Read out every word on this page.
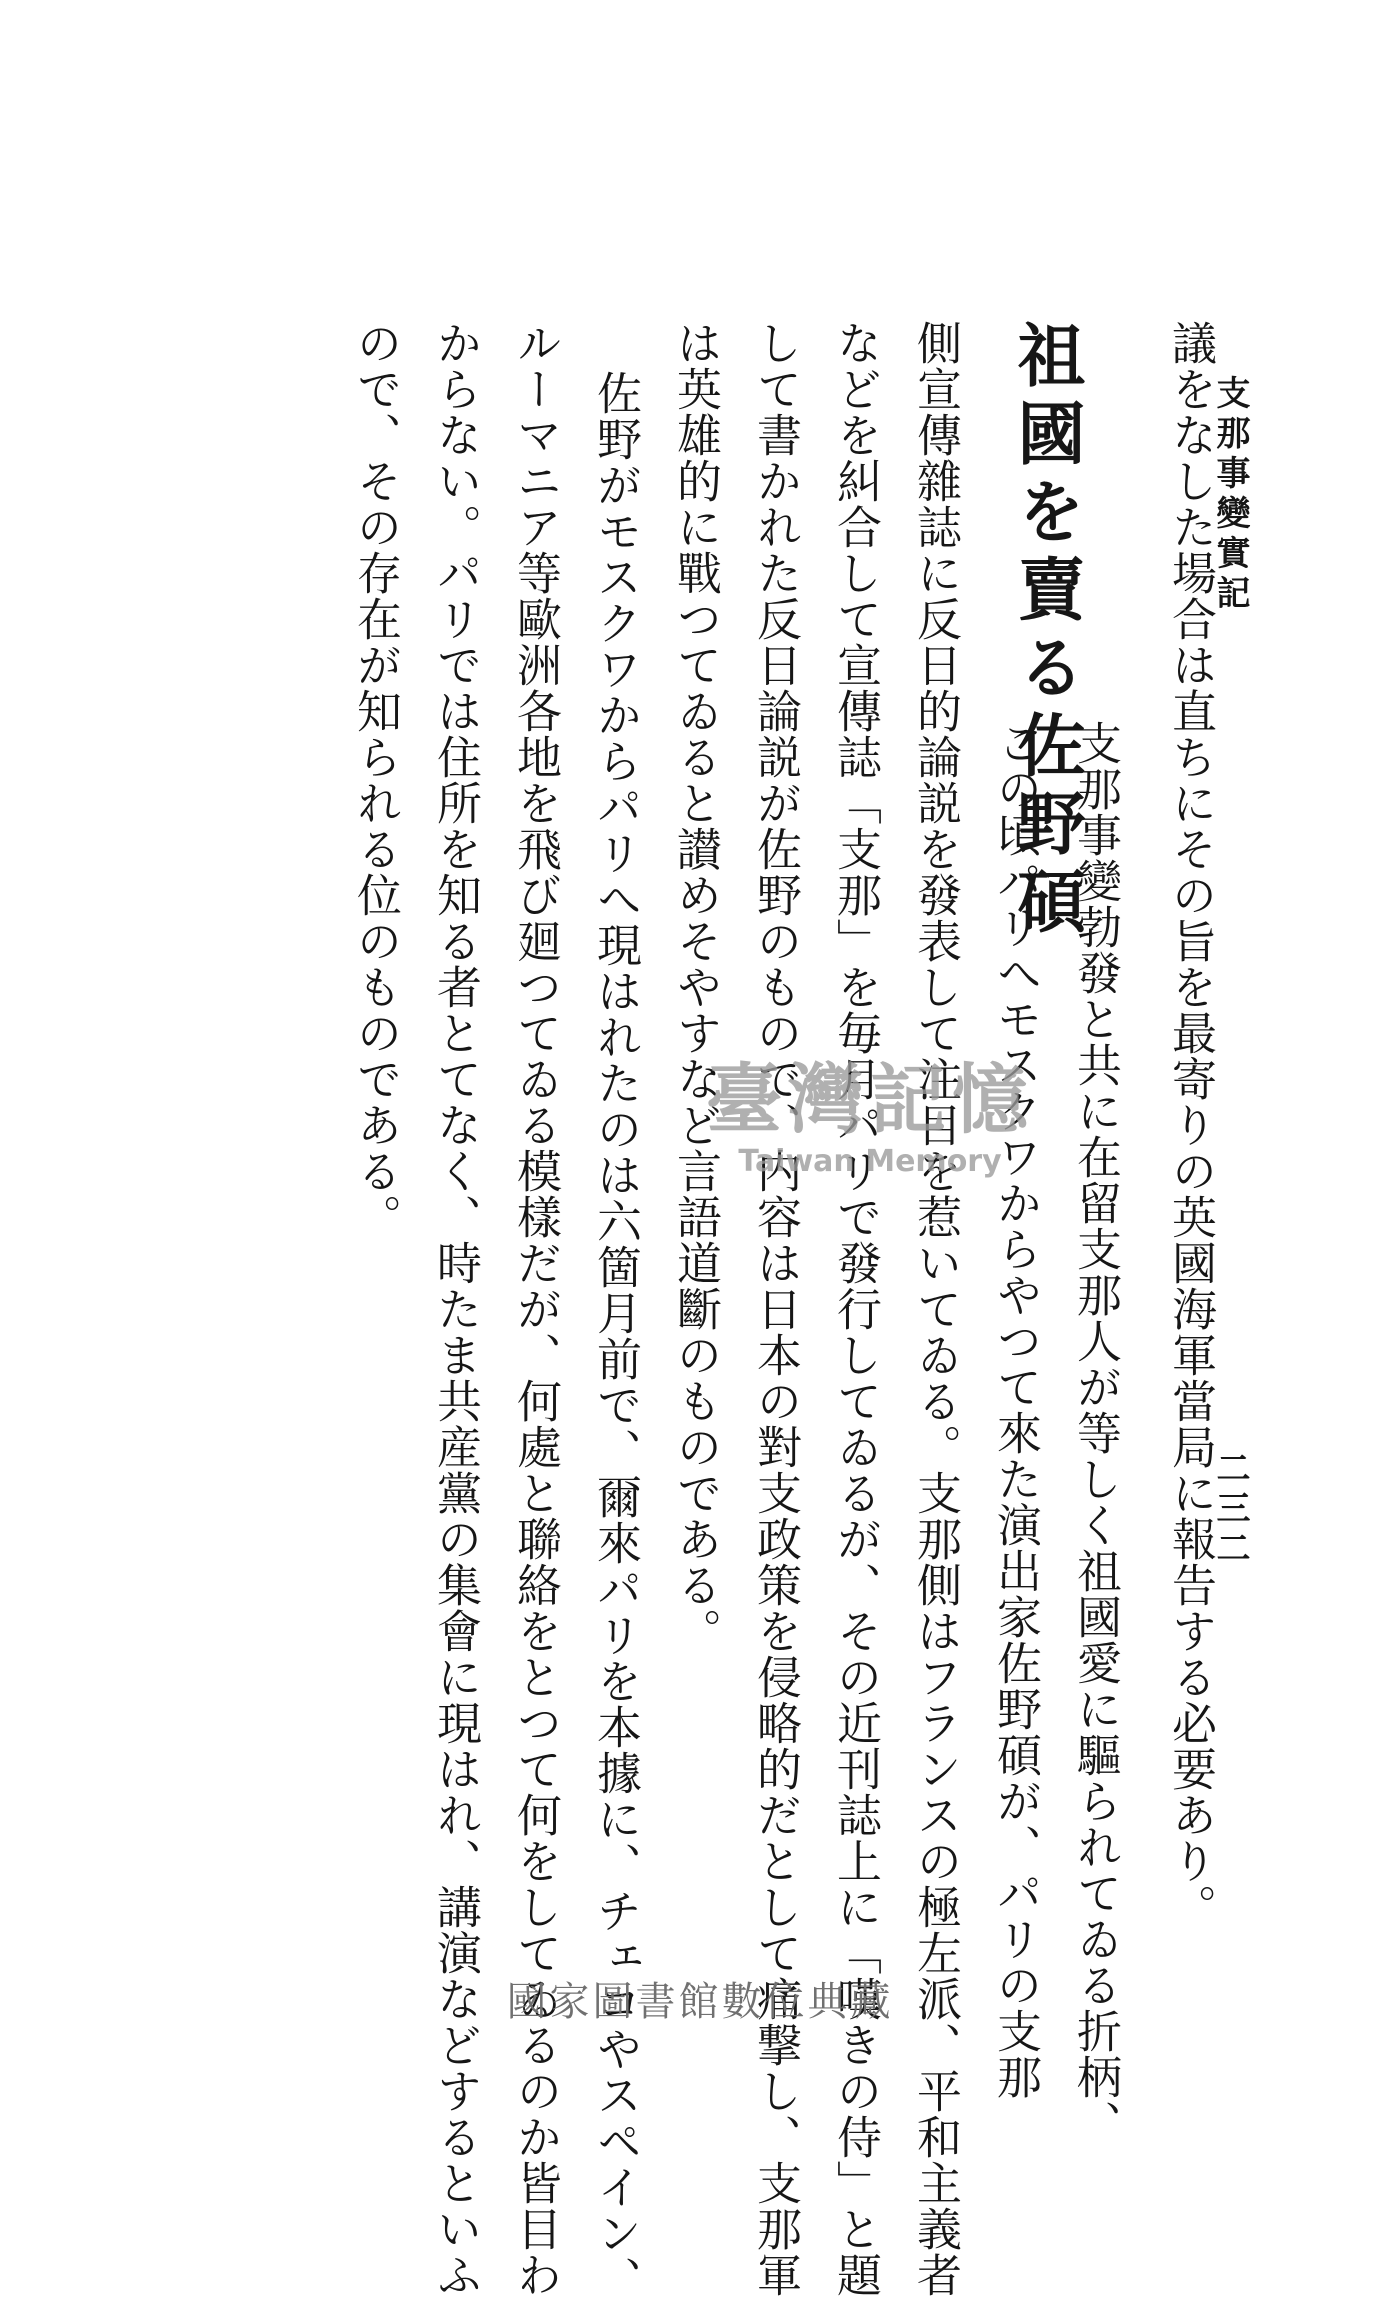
支那事變實記
二三二
議をなした場合は直ちにその旨を最寄りの英國海軍當局に報告する必要あり。
支那事變勃發と共に在留支那人が等しく祖國愛に驅られてゐる折柄、
祖國を賣る佐野碩
この頃パリへモスクワからやつて來た演出家佐野碩が、パリの支那
側宣傳雜誌に反日的論説を發表して注目を惹いてゐる。支那側はフランスの極左派、平和主義者
などを糾合して宣傳誌「支那」を毎月パリで發行してゐるが、その近刊誌上に「嘆きの侍」と題
して書かれた反日論説が佐野のもので、内容は日本の對支政策を侵略的だとして痛撃し、支那軍
は英雄的に戰つてゐると讃めそやすなど言語道斷のものである。
佐野がモスクワからパリへ現はれたのは六箇月前で、爾來パリを本據に、チェコやスペイン、
ルーマニア等歐洲各地を飛び廻つてゐる模樣だが、何處と聯絡をとつて何をしてゐるのか皆目わ
からない。パリでは住所を知る者とてなく、時たま共産黨の集會に現はれ、講演などするといふ
ので、その存在が知られる位のものである。	臺灣記憶
Taiwan Memory
國家圖書館數位典藏
